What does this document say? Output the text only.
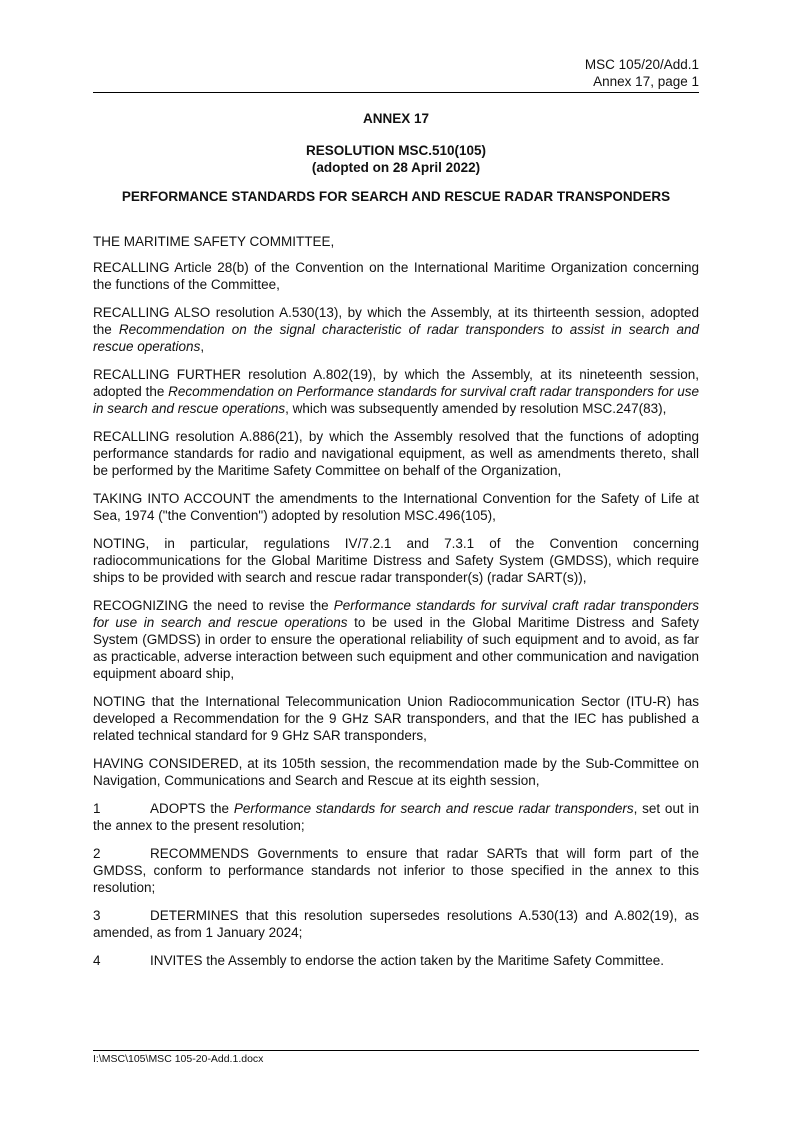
MSC 105/20/Add.1
Annex 17, page 1
ANNEX 17
RESOLUTION MSC.510(105)
(adopted on 28 April 2022)
PERFORMANCE STANDARDS FOR SEARCH AND RESCUE RADAR TRANSPONDERS

THE MARITIME SAFETY COMMITTEE,

RECALLING Article 28(b) of the Convention on the International Maritime Organization concerning the functions of the Committee,

RECALLING ALSO resolution A.530(13), by which the Assembly, at its thirteenth session, adopted the Recommendation on the signal characteristic of radar transponders to assist in search and rescue operations,

RECALLING FURTHER resolution A.802(19), by which the Assembly, at its nineteenth session, adopted the Recommendation on Performance standards for survival craft radar transponders for use in search and rescue operations, which was subsequently amended by resolution MSC.247(83),

RECALLING resolution A.886(21), by which the Assembly resolved that the functions of adopting performance standards for radio and navigational equipment, as well as amendments thereto, shall be performed by the Maritime Safety Committee on behalf of the Organization,

TAKING INTO ACCOUNT the amendments to the International Convention for the Safety of Life at Sea, 1974 ("the Convention") adopted by resolution MSC.496(105),

NOTING, in particular, regulations IV/7.2.1 and 7.3.1 of the Convention concerning radiocommunications for the Global Maritime Distress and Safety System (GMDSS), which require ships to be provided with search and rescue radar transponder(s) (radar SART(s)),

RECOGNIZING the need to revise the Performance standards for survival craft radar transponders for use in search and rescue operations to be used in the Global Maritime Distress and Safety System (GMDSS) in order to ensure the operational reliability of such equipment and to avoid, as far as practicable, adverse interaction between such equipment and other communication and navigation equipment aboard ship,

NOTING that the International Telecommunication Union Radiocommunication Sector (ITU-R) has developed a Recommendation for the 9 GHz SAR transponders, and that the IEC has published a related technical standard for 9 GHz SAR transponders,

HAVING CONSIDERED, at its 105th session, the recommendation made by the Sub-Committee on Navigation, Communications and Search and Rescue at its eighth session,

1	ADOPTS the Performance standards for search and rescue radar transponders, set out in the annex to the present resolution;

2	RECOMMENDS Governments to ensure that radar SARTs that will form part of the GMDSS, conform to performance standards not inferior to those specified in the annex to this resolution;

3	DETERMINES that this resolution supersedes resolutions A.530(13) and A.802(19), as amended, as from 1 January 2024;

4	INVITES the Assembly to endorse the action taken by the Maritime Safety Committee.

I:\MSC\105\MSC 105-20-Add.1.docx
